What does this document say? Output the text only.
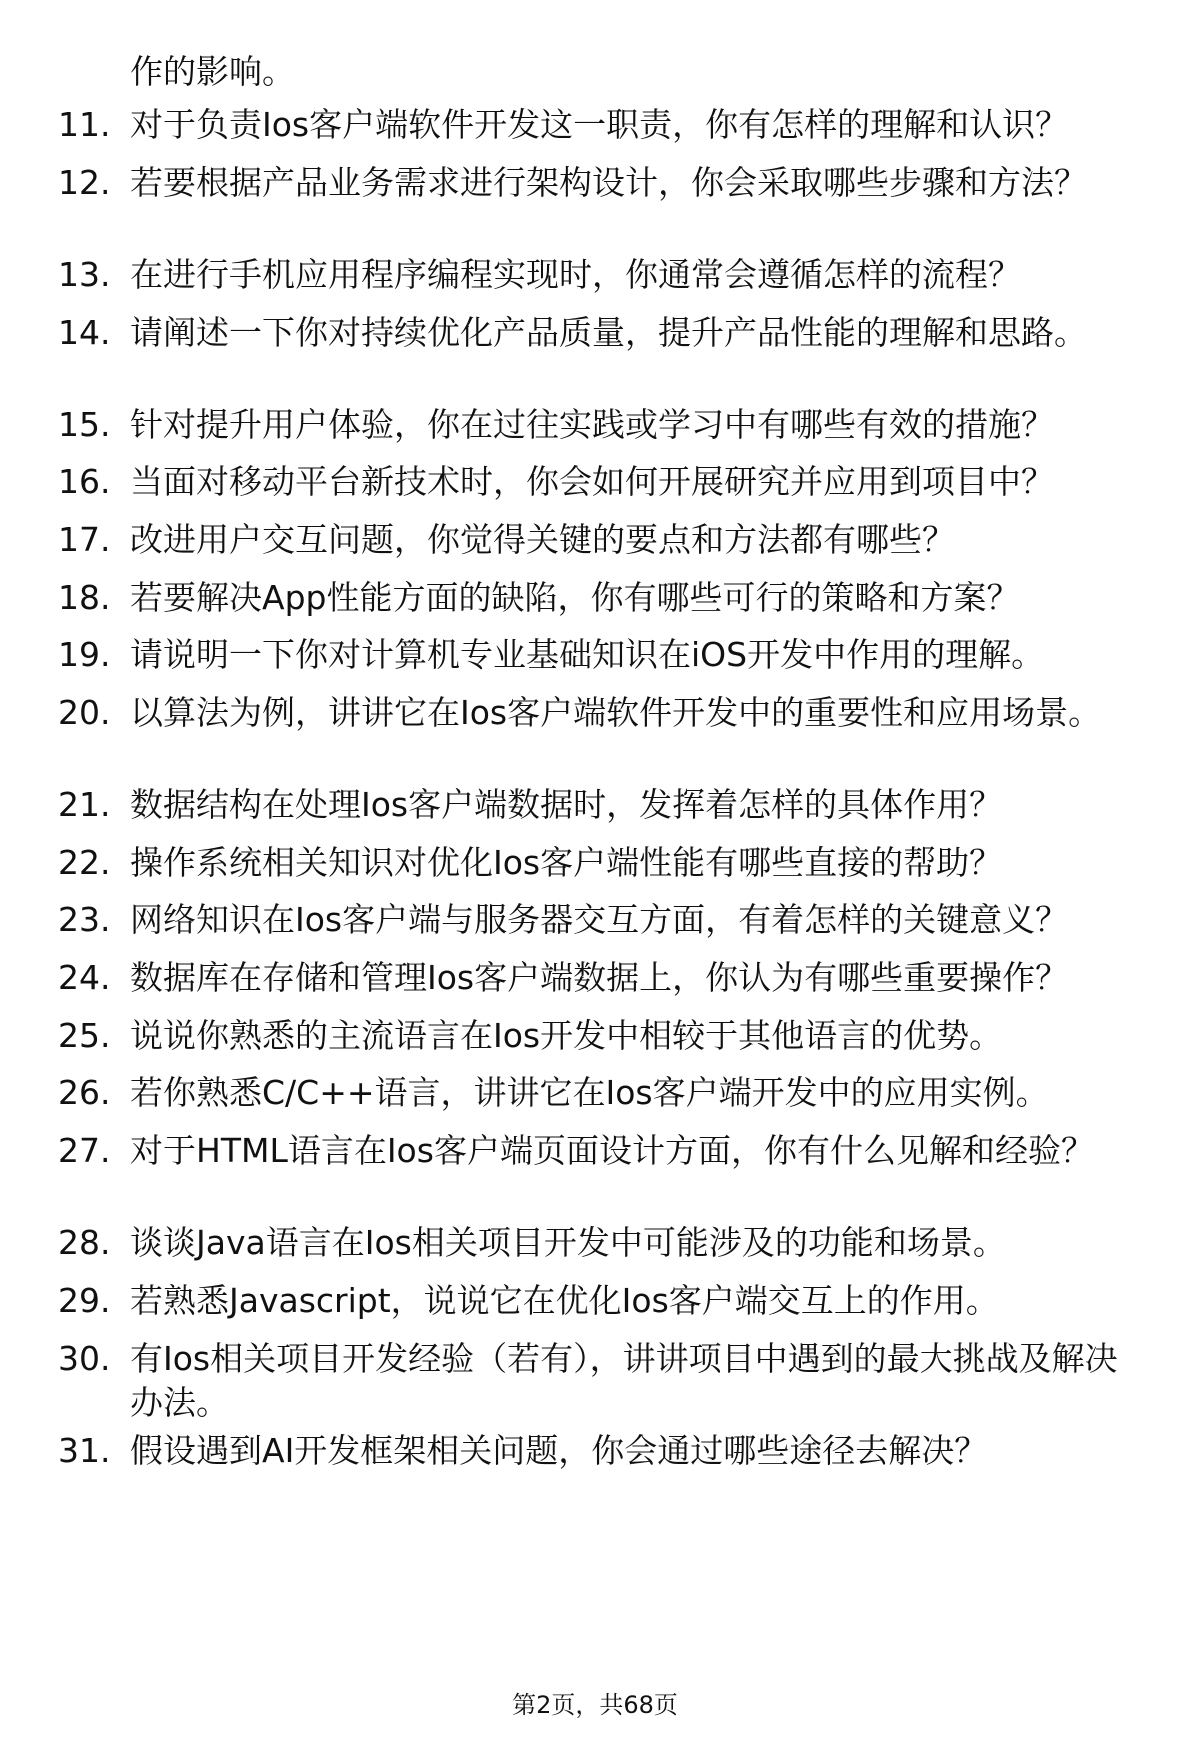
作的影响。
11. 对于负责Ios客户端软件开发这一职责，你有怎样的理解和认识？
12. 若要根据产品业务需求进行架构设计，你会采取哪些步骤和方法？
13. 在进行手机应用程序编程实现时，你通常会遵循怎样的流程？
14. 请阐述一下你对持续优化产品质量，提升产品性能的理解和思路。
15. 针对提升用户体验，你在过往实践或学习中有哪些有效的措施？
16. 当面对移动平台新技术时，你会如何开展研究并应用到项目中？
17. 改进用户交互问题，你觉得关键的要点和方法都有哪些？
18. 若要解决App性能方面的缺陷，你有哪些可行的策略和方案？
19. 请说明一下你对计算机专业基础知识在iOS开发中作用的理解。
20. 以算法为例，讲讲它在Ios客户端软件开发中的重要性和应用场景。
21. 数据结构在处理Ios客户端数据时，发挥着怎样的具体作用？
22. 操作系统相关知识对优化Ios客户端性能有哪些直接的帮助？
23. 网络知识在Ios客户端与服务器交互方面，有着怎样的关键意义？
24. 数据库在存储和管理Ios客户端数据上，你认为有哪些重要操作？
25. 说说你熟悉的主流语言在Ios开发中相较于其他语言的优势。
26. 若你熟悉C/C++语言，讲讲它在Ios客户端开发中的应用实例。
27. 对于HTML语言在Ios客户端页面设计方面，你有什么见解和经验？
28. 谈谈Java语言在Ios相关项目开发中可能涉及的功能和场景。
29. 若熟悉Javascript，说说它在优化Ios客户端交互上的作用。
30. 有Ios相关项目开发经验（若有），讲讲项目中遇到的最大挑战及解决办法。
31. 假设遇到AI开发框架相关问题，你会通过哪些途径去解决？
第2页，共68页
